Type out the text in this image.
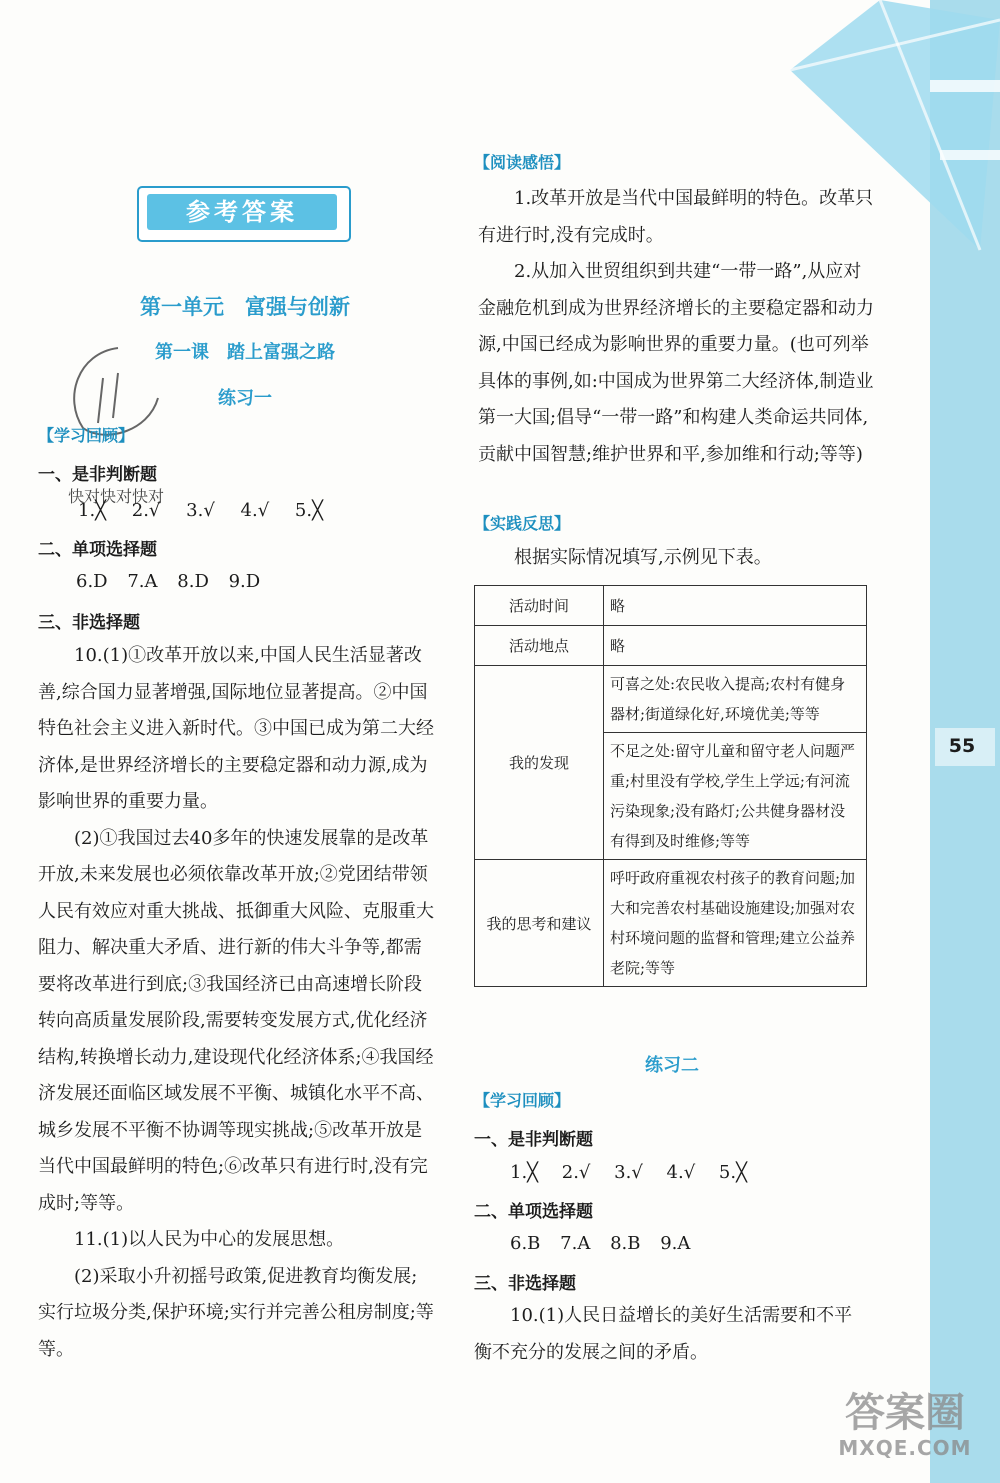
55
参考答案
第一单元　富强与创新
第一课　踏上富强之路
练习一
【学习回顾】
一、是非判断题
快对快对快对
1.╳ 2.√ 3.√ 4.√ 5.╳
二、单项选择题
6.D 7.A 8.D 9.D
三、非选择题

10.(1)①改革开放以来,中国人民生活显著改善,综合国力显著增强,国际地位显著提高。②中国特色社会主义进入新时代。③中国已成为第二大经济体,是世界经济增长的主要稳定器和动力源,成为影响世界的重要力量。

(2)①我国过去40多年的快速发展靠的是改革开放,未来发展也必须依靠改革开放;②党团结带领人民有效应对重大挑战、抵御重大风险、克服重大阻力、解决重大矛盾、进行新的伟大斗争等,都需要将改革进行到底;③我国经济已由高速增长阶段转向高质量发展阶段,需要转变发展方式,优化经济结构,转换增长动力,建设现代化经济体系;④我国经济发展还面临区域发展不平衡、城镇化水平不高、城乡发展不平衡不协调等现实挑战;⑤改革开放是当代中国最鲜明的特色;⑥改革只有进行时,没有完成时;等等。

11.(1)以人民为中心的发展思想。

(2)采取小升初摇号政策,促进教育均衡发展;实行垃圾分类,保护环境;实行并完善公租房制度;等等。

【阅读感悟】

1.改革开放是当代中国最鲜明的特色。改革只有进行时,没有完成时。

2.从加入世贸组织到共建“一带一路”,从应对金融危机到成为世界经济增长的主要稳定器和动力源,中国已经成为影响世界的重要力量。(也可列举具体的事例,如:中国成为世界第二大经济体,制造业第一大国;倡导“一带一路”和构建人类命运共同体,贡献中国智慧;维护世界和平,参加维和行动;等等)

【实践反思】
根据实际情况填写,示例见下表。
活动时间	略
活动地点	略
我的发现	可喜之处:农民收入提高;农村有健身器材;街道绿化好,环境优美;等等
	不足之处:留守儿童和留守老人问题严重;村里没有学校,学生上学远;有河流污染现象;没有路灯;公共健身器材没有得到及时维修;等等
我的思考和建议	呼吁政府重视农村孩子的教育问题;加大和完善农村基础设施建设;加强对农村环境问题的监督和管理;建立公益养老院;等等
练习二
【学习回顾】
一、是非判断题
1.╳ 2.√ 3.√ 4.√ 5.╳
二、单项选择题
6.B 7.A 8.B 9.A
三、非选择题

10.(1)人民日益增长的美好生活需要和不平衡不充分的发展之间的矛盾。

答案圈
MXQE.COM
